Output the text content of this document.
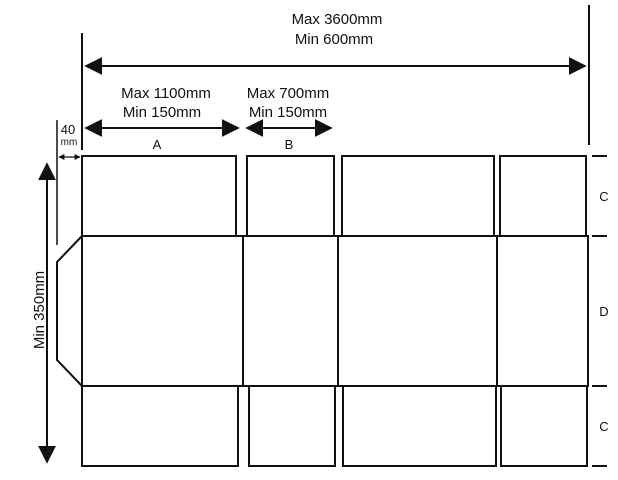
Max 3600mm
Min 600mm
Max 1100mm
Min 150mm
A
Max 700mm
Min 150mm
B
40
mm
Min 350mm
C
D
C
